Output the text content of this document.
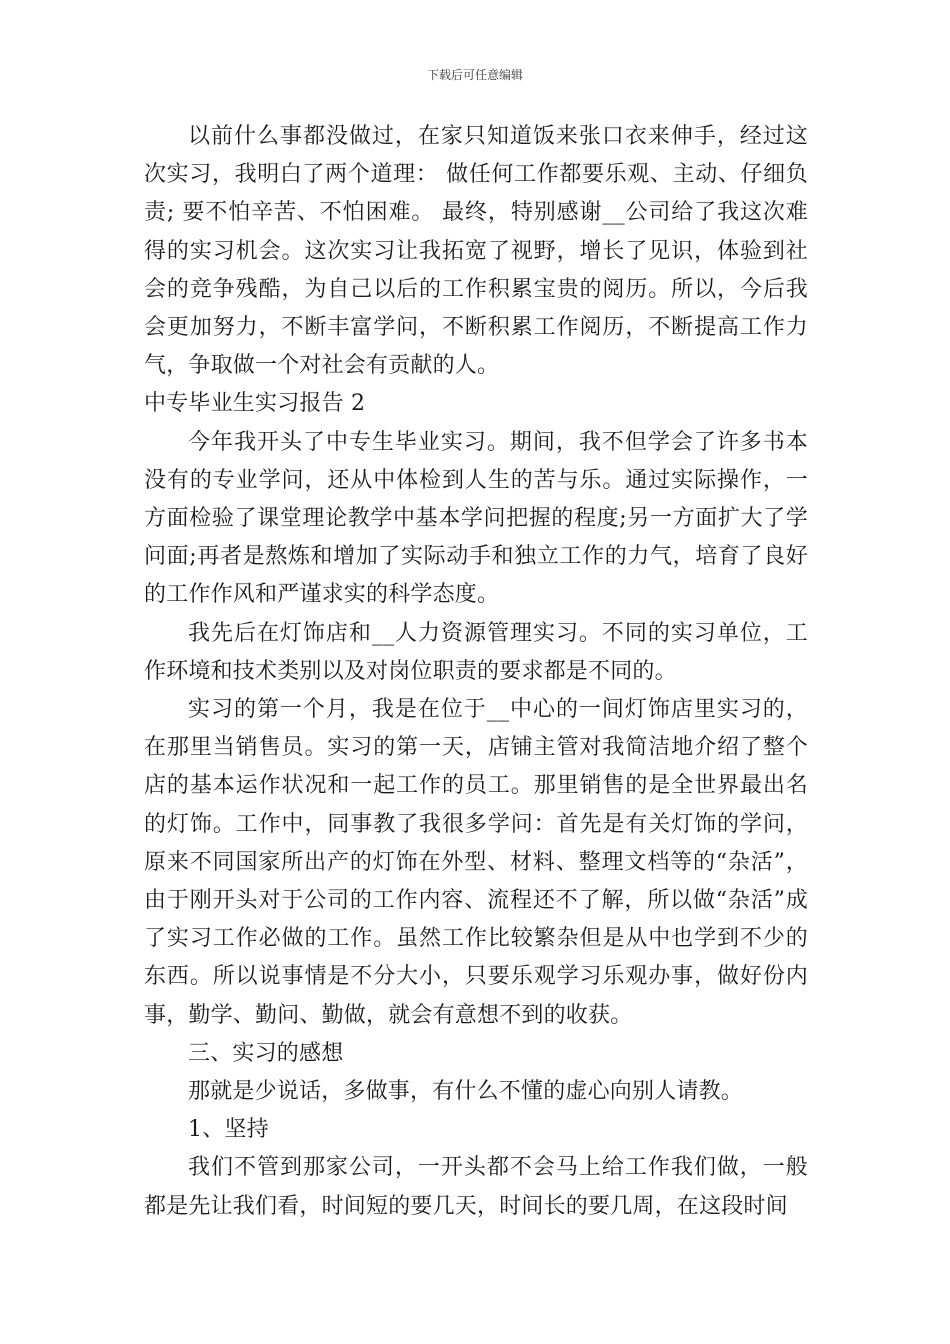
下载后可任意编辑

以前什么事都没做过，在家只知道饭来张口衣来伸手，经过这次实习，我明白了两个道理： 做任何工作都要乐观、主动、仔细负责; 要不怕辛苦、不怕困难。 最终，特别感谢__公司给了我这次难得的实习机会。这次实习让我拓宽了视野，增长了见识，体验到社会的竞争残酷，为自己以后的工作积累宝贵的阅历。所以，今后我会更加努力，不断丰富学问，不断积累工作阅历，不断提高工作力气，争取做一个对社会有贡献的人。

中专毕业生实习报告 2

今年我开头了中专生毕业实习。期间，我不但学会了许多书本没有的专业学问，还从中体检到人生的苦与乐。通过实际操作，一方面检验了课堂理论教学中基本学问把握的程度;另一方面扩大了学问面;再者是熬炼和增加了实际动手和独立工作的力气，培育了良好的工作作风和严谨求实的科学态度。

我先后在灯饰店和__人力资源管理实习。不同的实习单位，工作环境和技术类别以及对岗位职责的要求都是不同的。

实习的第一个月，我是在位于__中心的一间灯饰店里实习的，在那里当销售员。实习的第一天，店铺主管对我简洁地介绍了整个店的基本运作状况和一起工作的员工。那里销售的是全世界最出名的灯饰。工作中，同事教了我很多学问：首先是有关灯饰的学问，原来不同国家所出产的灯饰在外型、材料、整理文档等的“杂活”，由于刚开头对于公司的工作内容、流程还不了解，所以做“杂活”成了实习工作必做的工作。虽然工作比较繁杂但是从中也学到不少的东西。所以说事情是不分大小，只要乐观学习乐观办事，做好份内事，勤学、勤问、勤做，就会有意想不到的收获。

三、实习的感想

那就是少说话，多做事，有什么不懂的虚心向别人请教。

1、坚持

我们不管到那家公司，一开头都不会马上给工作我们做，一般都是先让我们看，时间短的要几天，时间长的要几周，在这段时间
